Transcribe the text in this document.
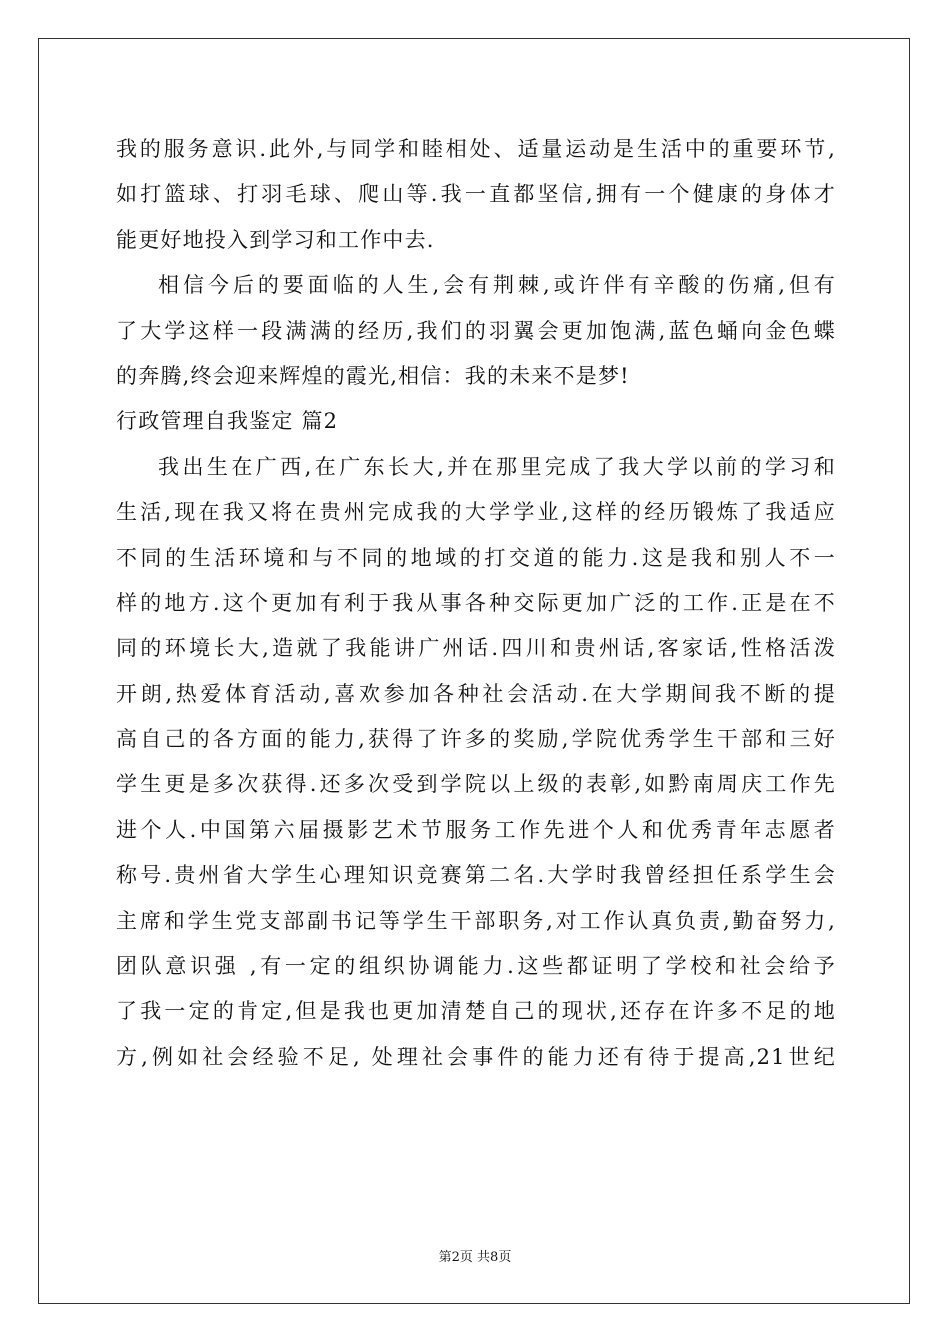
我的服务意识.此外,与同学和睦相处、适量运动是生活中的重要环节,
如打篮球、打羽毛球、爬山等.我一直都坚信,拥有一个健康的身体才
能更好地投入到学习和工作中去.
相信今后的要面临的人生,会有荆棘,或许伴有辛酸的伤痛,但有
了大学这样一段满满的经历,我们的羽翼会更加饱满,蓝色蛹向金色蝶
的奔腾,终会迎来辉煌的霞光,相信：我的未来不是梦!
行政管理自我鉴定 篇2
我出生在广西,在广东长大,并在那里完成了我大学以前的学习和
生活,现在我又将在贵州完成我的大学学业,这样的经历锻炼了我适应
不同的生活环境和与不同的地域的打交道的能力.这是我和别人不一
样的地方.这个更加有利于我从事各种交际更加广泛的工作.正是在不
同的环境长大,造就了我能讲广州话.四川和贵州话,客家话,性格活泼
开朗,热爱体育活动,喜欢参加各种社会活动.在大学期间我不断的提
高自己的各方面的能力,获得了许多的奖励,学院优秀学生干部和三好
学生更是多次获得.还多次受到学院以上级的表彰,如黔南周庆工作先
进个人.中国第六届摄影艺术节服务工作先进个人和优秀青年志愿者
称号.贵州省大学生心理知识竞赛第二名.大学时我曾经担任系学生会
主席和学生党支部副书记等学生干部职务,对工作认真负责,勤奋努力,
团队意识强 ,有一定的组织协调能力.这些都证明了学校和社会给予
了我一定的肯定,但是我也更加清楚自己的现状,还存在许多不足的地
方,例如社会经验不足, 处理社会事件的能力还有待于提高,21世纪
第2页 共8页
